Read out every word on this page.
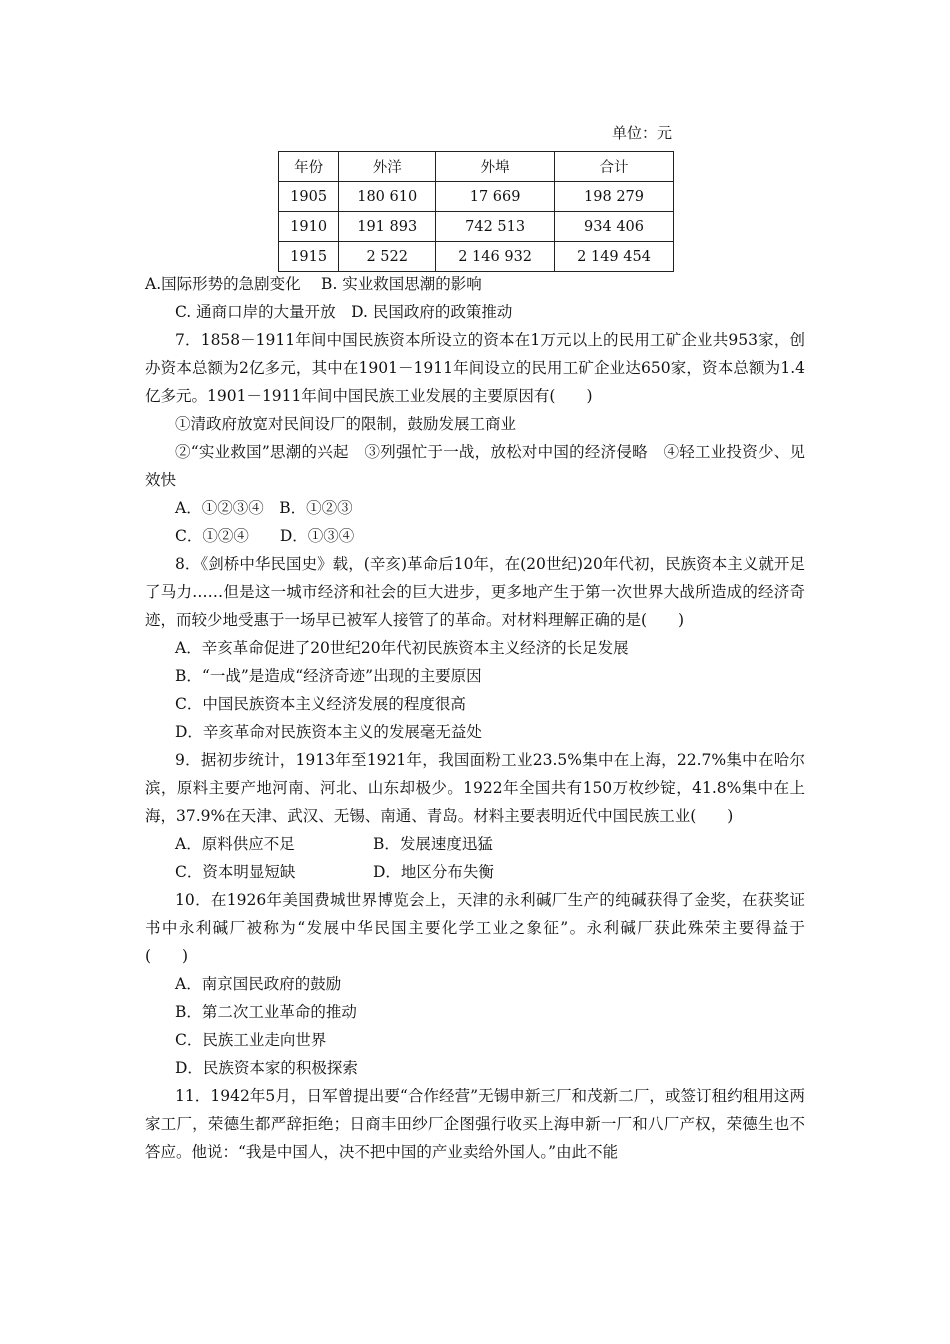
单位：元
年份	外洋	外埠	合计
1905	180 610	17 669	198 279
1910	191 893	742 513	934 406
1915	2 522	2 146 932	2 149 454
A.国际形势的急剧变化　 B. 实业救国思潮的影响
C. 通商口岸的大量开放　D. 民国政府的政策推动
7．1858－1911年间中国民族资本所设立的资本在1万元以上的民用工矿企业共953家，创办资本总额为2亿多元，其中在1901－1911年间设立的民用工矿企业达650家，资本总额为1.4亿多元。1901－1911年间中国民族工业发展的主要原因有(　　)
①清政府放宽对民间设厂的限制，鼓励发展工商业
②“实业救国”思潮的兴起　③列强忙于一战，放松对中国的经济侵略　④轻工业投资少、见效快
A．①②③④　B．①②③
C．①②④　　D．①③④
8．《剑桥中华民国史》载，(辛亥)革命后10年，在(20世纪)20年代初，民族资本主义就开足了马力……但是这一城市经济和社会的巨大进步，更多地产生于第一次世界大战所造成的经济奇迹，而较少地受惠于一场早已被军人接管了的革命。对材料理解正确的是(　　)
A．辛亥革命促进了20世纪20年代初民族资本主义经济的长足发展
B．“一战”是造成“经济奇迹”出现的主要原因
C．中国民族资本主义经济发展的程度很高
D．辛亥革命对民族资本主义的发展毫无益处
9．据初步统计，1913年至1921年，我国面粉工业23.5%集中在上海，22.7%集中在哈尔滨，原料主要产地河南、河北、山东却极少。1922年全国共有150万枚纱锭，41.8%集中在上海，37.9%在天津、武汉、无锡、南通、青岛。材料主要表明近代中国民族工业(　　)
A．原料供应不足	B．发展速度迅猛
C．资本明显短缺	D．地区分布失衡
10．在1926年美国费城世界博览会上，天津的永利碱厂生产的纯碱获得了金奖，在获奖证书中永利碱厂被称为“发展中华民国主要化学工业之象征”。永利碱厂获此殊荣主要得益于　(　　)
A．南京国民政府的鼓励
B．第二次工业革命的推动
C．民族工业走向世界
D．民族资本家的积极探索
11．1942年5月，日军曾提出要“合作经营”无锡申新三厂和茂新二厂，或签订租约租用这两家工厂，荣德生都严辞拒绝；日商丰田纱厂企图强行收买上海申新一厂和八厂产权，荣德生也不答应。他说：“我是中国人，决不把中国的产业卖给外国人。”由此不能
